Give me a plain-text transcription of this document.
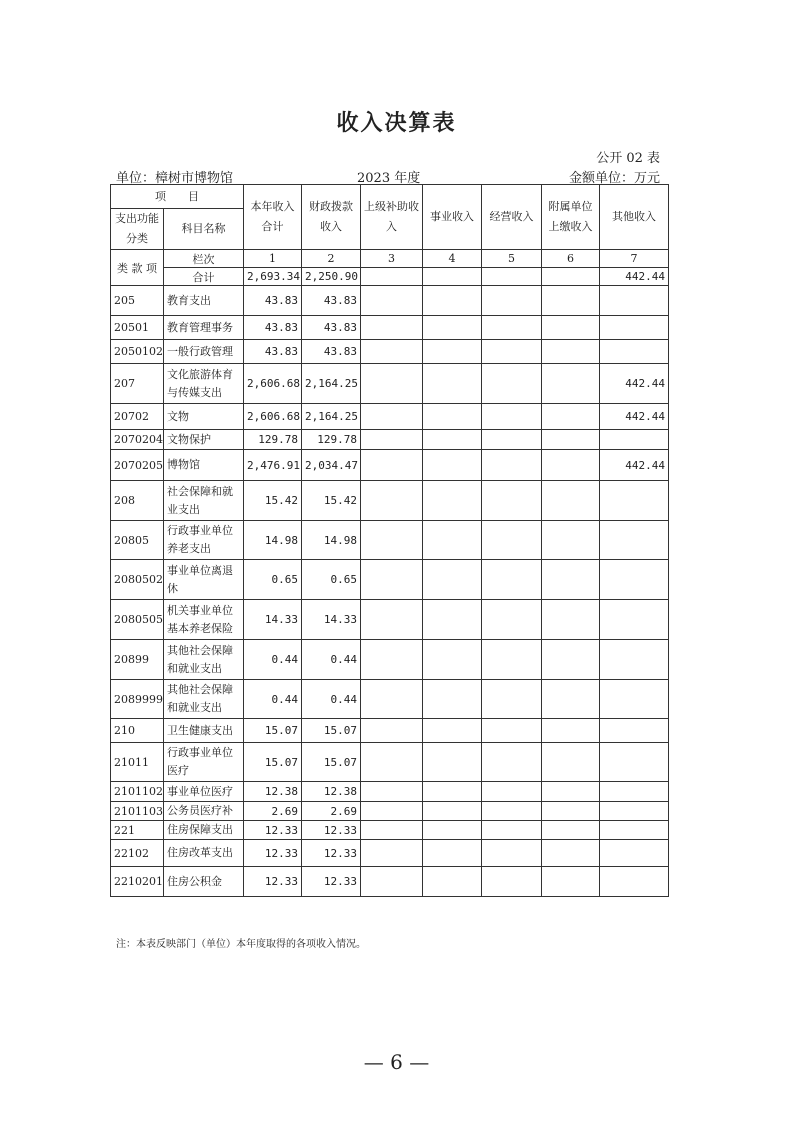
收入决算表
公开 02 表
单位：樟树市博物馆	2023 年度	金额单位：万元
项　　目		本年收入合计	财政拨款收入	上级补助收入	事业收入	经营收入	附属单位上缴收入	其他收入
支出功能分类	科目名称							

类 款 项	栏次	1	2	3	4	5	6	7
	合计	2,693.34	2,250.90					442.44
205	教育支出	43.83	43.83					
20501	教育管理事务	43.83	43.83					
2050102	一般行政管理	43.83	43.83					
207	文化旅游体育与传媒支出	2,606.68	2,164.25					442.44
20702	文物	2,606.68	2,164.25					442.44
2070204	文物保护	129.78	129.78					
2070205	博物馆	2,476.91	2,034.47					442.44
208	社会保障和就业支出	15.42	15.42					
20805	行政事业单位养老支出	14.98	14.98					
2080502	事业单位离退休	0.65	0.65					
2080505	机关事业单位基本养老保险	14.33	14.33					
20899	其他社会保障和就业支出	0.44	0.44					
2089999	其他社会保障和就业支出	0.44	0.44					
210	卫生健康支出	15.07	15.07					
21011	行政事业单位医疗	15.07	15.07					
2101102	事业单位医疗	12.38	12.38					
2101103	公务员医疗补	2.69	2.69					
221	住房保障支出	12.33	12.33					
22102	住房改革支出	12.33	12.33					
2210201	住房公积金	12.33	12.33					
注：本表反映部门（单位）本年度取得的各项收入情况。
— 6 —
